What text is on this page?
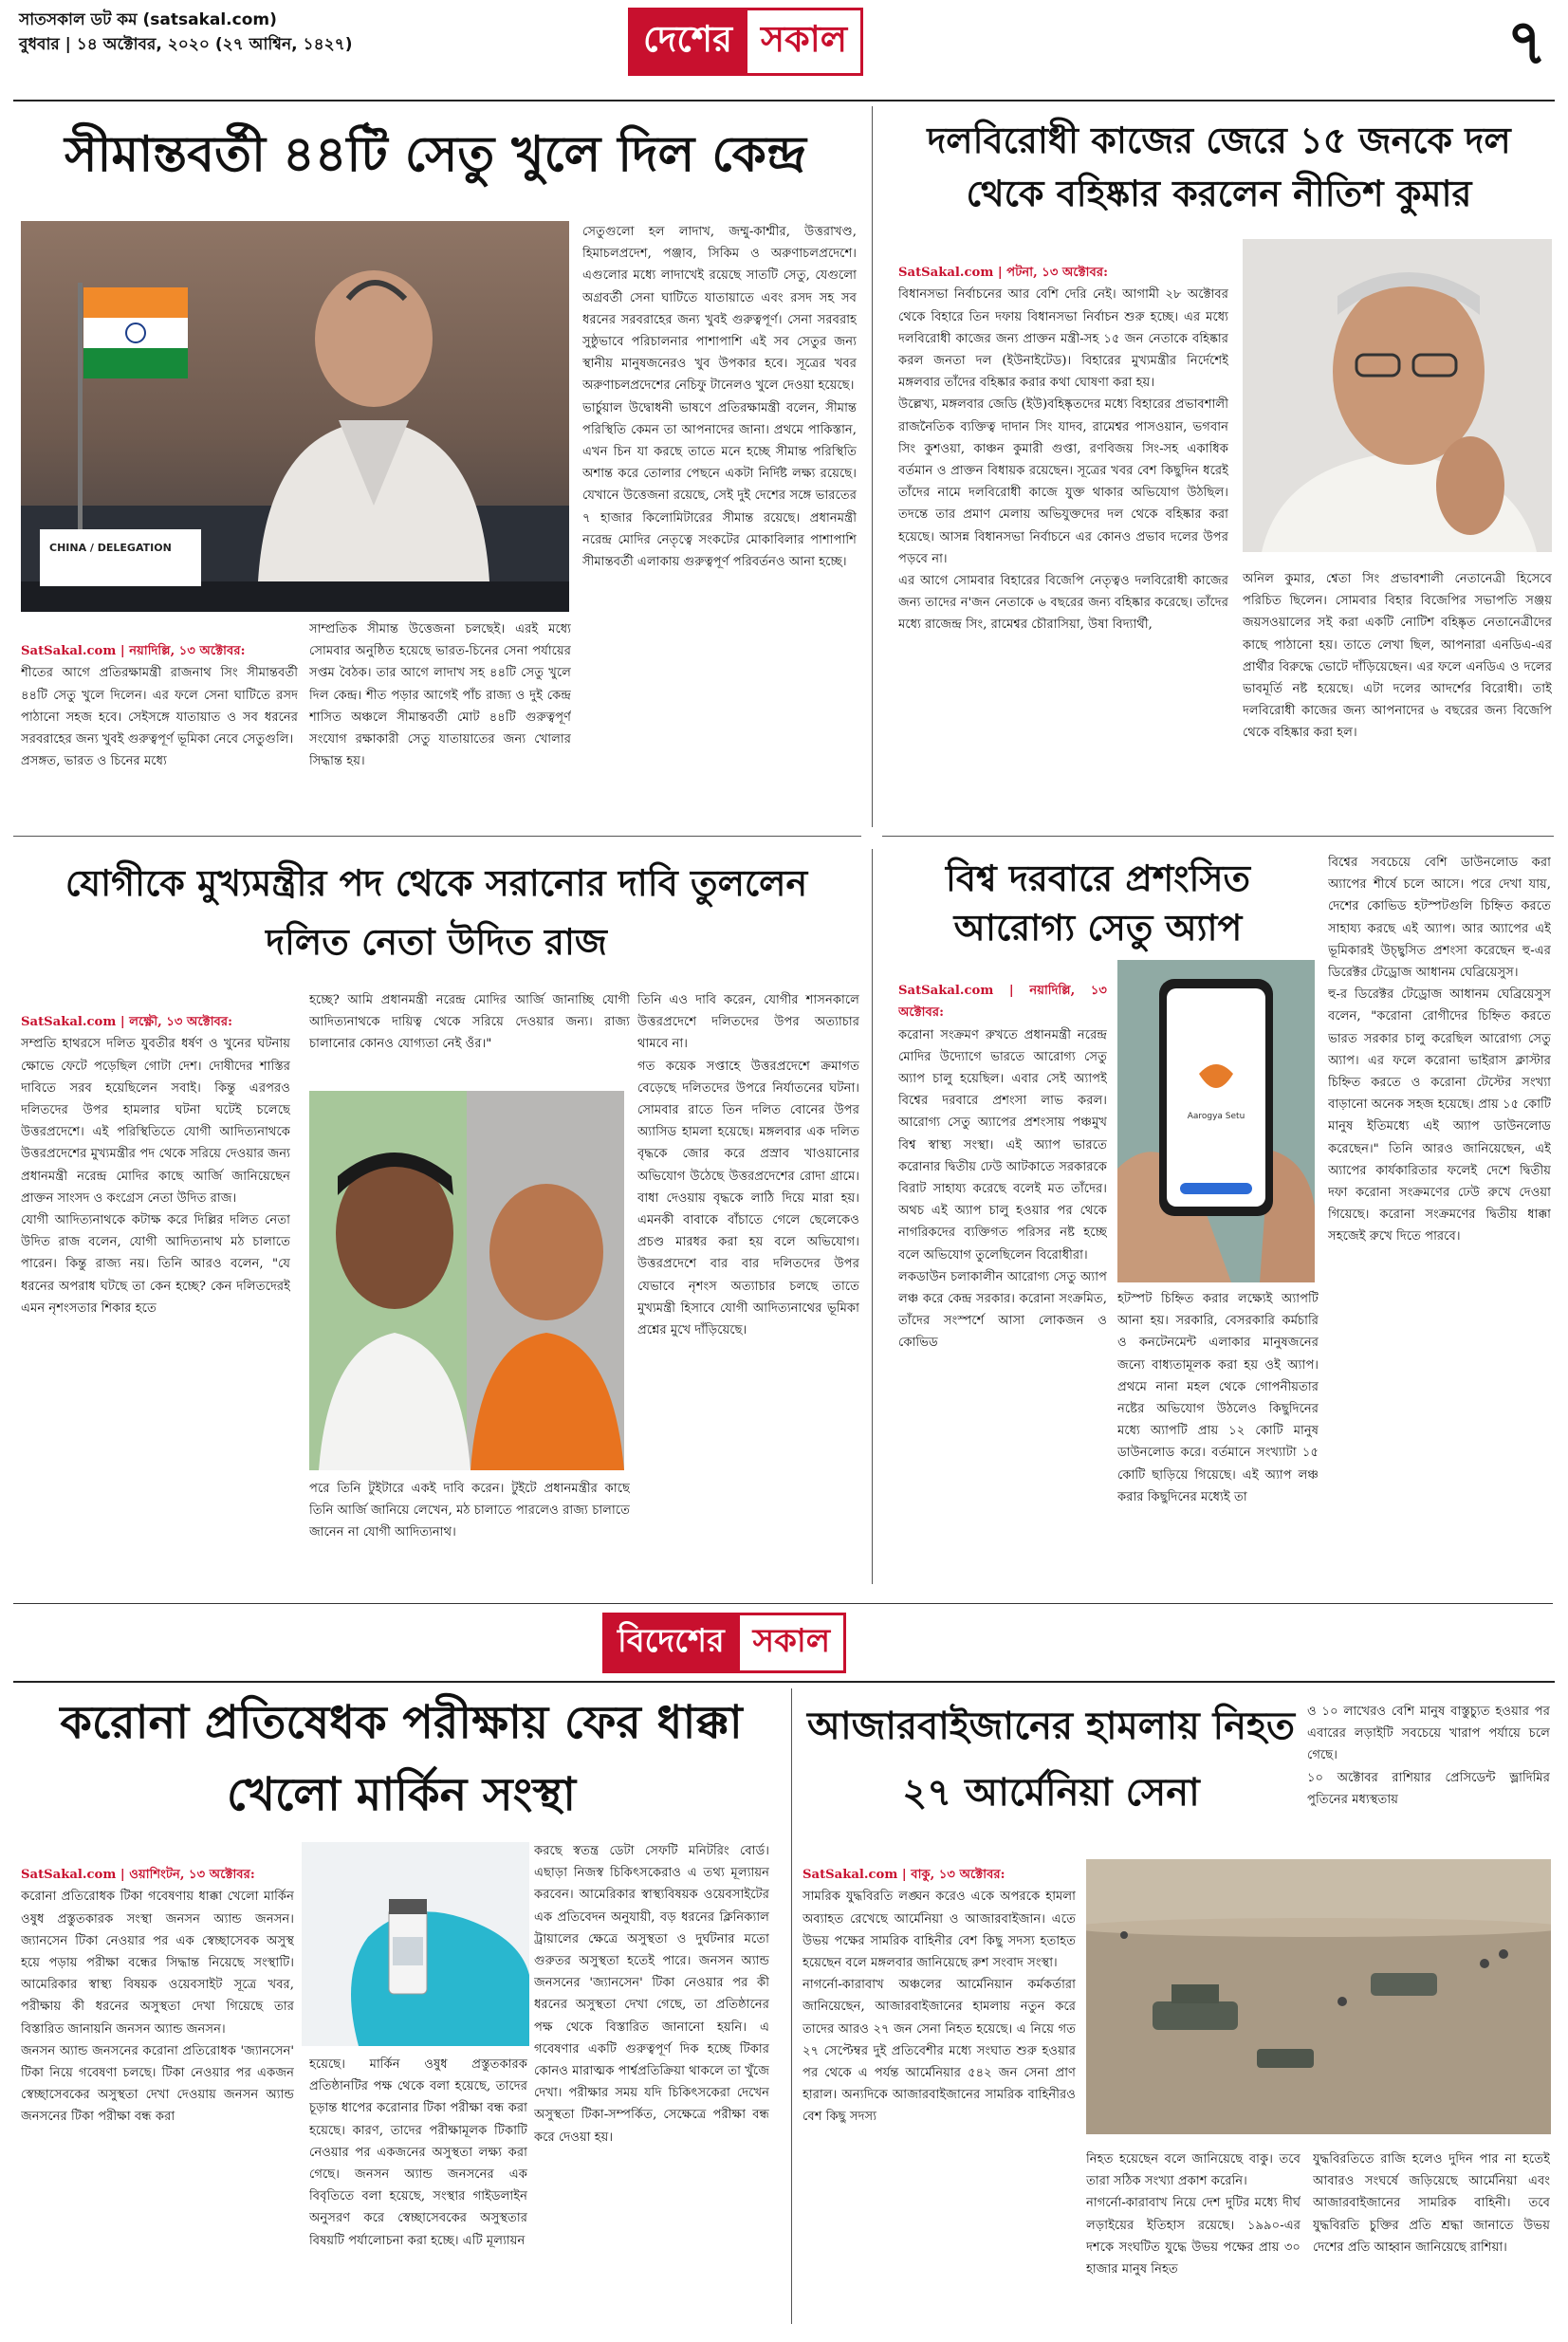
সাতসকাল ডট কম (satsakal.com)
বুধবার | ১৪ অক্টোবর, ২০২০ (২৭ আশ্বিন, ১৪২৭)	দেশের সকাল	৭
সীমান্তবর্তী ৪৪টি সেতু খুলে দিল কেন্দ্র
CHINA / DELEGATION
সেতুগুলো হল লাদাখ, জম্মু-কাশ্মীর, উত্তরাখণ্ড, হিমাচলপ্রদেশ, পঞ্জাব, সিকিম ও অরুণাচলপ্রদেশে। এগুলোর মধ্যে লাদাখেই রয়েছে সাতটি সেতু, যেগুলো অগ্রবর্তী সেনা ঘাটিতে যাতায়াতে এবং রসদ সহ সব ধরনের সরবরাহের জন্য খুবই গুরুত্বপূর্ণ। সেনা সরবরাহ সুষ্ঠুভাবে পরিচালনার পাশাপাশি এই সব সেতুর জন্য স্থানীয় মানুষজনেরও খুব উপকার হবে। সূত্রের খবর অরুণাচলপ্রদেশের নেচিফু টানেলও খুলে দেওয়া হয়েছে।
ভার্চুয়াল উদ্বোধনী ভাষণে প্রতিরক্ষামন্ত্রী বলেন, সীমান্ত পরিস্থিতি কেমন তা আপনাদের জানা। প্রথমে পাকিস্তান, এখন চিন যা করছে তাতে মনে হচ্ছে সীমান্ত পরিস্থিতি অশান্ত করে তোলার পেছনে একটা নির্দিষ্ট লক্ষ্য রয়েছে। যেখানে উত্তেজনা রয়েছে, সেই দুই দেশের সঙ্গে ভারতের ৭ হাজার কিলোমিটারের সীমান্ত রয়েছে। প্রধানমন্ত্রী নরেন্দ্র মোদির নেতৃত্বে সংকটের মোকাবিলার পাশাপাশি সীমান্তবর্তী এলাকায় গুরুত্বপূর্ণ পরিবর্তনও আনা হচ্ছে।

SatSakal.com | নয়াদিল্লি, ১৩ অক্টোবর:
শীতের আগে প্রতিরক্ষামন্ত্রী রাজনাথ সিং সীমান্তবর্তী ৪৪টি সেতু খুলে দিলেন। এর ফলে সেনা ঘাটিতে রসদ পাঠানো সহজ হবে। সেইসঙ্গে যাতায়াত ও সব ধরনের সরবরাহের জন্য খুবই গুরুত্বপূর্ণ ভূমিকা নেবে সেতুগুলি।
প্রসঙ্গত, ভারত ও চিনের মধ্যে

সাম্প্রতিক সীমান্ত উত্তেজনা চলছেই। এরই মধ্যে সোমবার অনুষ্ঠিত হয়েছে ভারত-চিনের সেনা পর্যায়ের সপ্তম বৈঠক। তার আগে লাদাখ সহ ৪৪টি সেতু খুলে দিল কেন্দ্র। শীত পড়ার আগেই পাঁচ রাজ্য ও দুই কেন্দ্র শাসিত অঞ্চলে সীমান্তবর্তী মোট ৪৪টি গুরুত্বপূর্ণ সংযোগ রক্ষাকারী সেতু যাতায়াতের জন্য খোলার সিদ্ধান্ত হয়।
দলবিরোধী কাজের জেরে ১৫ জনকে দল থেকে বহিষ্কার করলেন নীতিশ কুমার

SatSakal.com | পটনা, ১৩ অক্টোবর:
বিধানসভা নির্বাচনের আর বেশি দেরি নেই। আগামী ২৮ অক্টোবর থেকে বিহারে তিন দফায় বিধানসভা নির্বাচন শুরু হচ্ছে। এর মধ্যে দলবিরোধী কাজের জন্য প্রাক্তন মন্ত্রী-সহ ১৫ জন নেতাকে বহিষ্কার করল জনতা দল (ইউনাইটেড)। বিহারের মুখ্যমন্ত্রীর নির্দেশেই মঙ্গলবার তাঁদের বহিষ্কার করার কথা ঘোষণা করা হয়।
উল্লেখ্য, মঙ্গলবার জেডি (ইউ)বহিষ্কৃতদের মধ্যে বিহারের প্রভাবশালী রাজনৈতিক ব্যক্তিত্ব দাদান সিং যাদব, রামেশ্বর পাসওয়ান, ভগবান সিং কুশওয়া, কাঞ্চন কুমারী গুপ্তা, রণবিজয় সিং-সহ একাধিক বর্তমান ও প্রাক্তন বিধায়ক রয়েছেন। সূত্রের খবর বেশ কিছুদিন ধরেই তাঁদের নামে দলবিরোধী কাজে যুক্ত থাকার অভিযোগ উঠছিল। তদন্তে তার প্রমাণ মেলায় অভিযুক্তদের দল থেকে বহিষ্কার করা হয়েছে। আসন্ন বিধানসভা নির্বাচনে এর কোনও প্রভাব দলের উপর পড়বে না।
এর আগে সোমবার বিহারের বিজেপি নেতৃত্বও দলবিরোধী কাজের জন্য তাদের ন'জন নেতাকে ৬ বছরের জন্য বহিষ্কার করেছে। তাঁদের মধ্যে রাজেন্দ্র সিং, রামেশ্বর চৌরাসিয়া, উষা বিদ্যার্থী,

অনিল কুমার, শ্বেতা সিং প্রভাবশালী নেতানেত্রী হিসেবে পরিচিত ছিলেন। সোমবার বিহার বিজেপির সভাপতি সঞ্জয় জয়সওয়ালের সই করা একটি নোটিশ বহিষ্কৃত নেতানেত্রীদের কাছে পাঠানো হয়। তাতে লেখা ছিল, আপনারা এনডিএ-এর প্রার্থীর বিরুদ্ধে ভোটে দাঁড়িয়েছেন। এর ফলে এনডিএ ও দলের ভাবমূর্তি নষ্ট হয়েছে। এটা দলের আদর্শের বিরোধী। তাই দলবিরোধী কাজের জন্য আপনাদের ৬ বছরের জন্য বিজেপি থেকে বহিষ্কার করা হল।
যোগীকে মুখ্যমন্ত্রীর পদ থেকে সরানোর দাবি তুললেন দলিত নেতা উদিত রাজ

SatSakal.com | লক্ষ্ণৌ, ১৩ অক্টোবর:
সম্প্রতি হাথরসে দলিত যুবতীর ধর্ষণ ও খুনের ঘটনায় ক্ষোভে ফেটে পড়েছিল গোটা দেশ। দোষীদের শাস্তির দাবিতে সরব হয়েছিলেন সবাই। কিন্তু এরপরও দলিতদের উপর হামলার ঘটনা ঘটেই চলেছে উত্তরপ্রদেশে। এই পরিস্থিতিতে যোগী আদিত্যনাথকে উত্তরপ্রদেশের মুখ্যমন্ত্রীর পদ থেকে সরিয়ে দেওয়ার জন্য প্রধানমন্ত্রী নরেন্দ্র মোদির কাছে আর্জি জানিয়েছেন প্রাক্তন সাংসদ ও কংগ্রেস নেতা উদিত রাজ।
যোগী আদিত্যনাথকে কটাক্ষ করে দিল্লির দলিত নেতা উদিত রাজ বলেন, যোগী আদিত্যনাথ মঠ চালাতে পারেন। কিন্তু রাজ্য নয়। তিনি আরও বলেন, "যে ধরনের অপরাধ ঘটছে তা কেন হচ্ছে? কেন দলিতদেরই এমন নৃশংসতার শিকার হতে

হচ্ছে? আমি প্রধানমন্ত্রী নরেন্দ্র মোদির আর্জি জানাচ্ছি যোগী আদিত্যনাথকে দায়িত্ব থেকে সরিয়ে দেওয়ার জন্য। রাজ্য চালানোর কোনও যোগ্যতা নেই ওঁর।"
পরে তিনি টুইটারে একই দাবি করেন। টুইটে প্রধানমন্ত্রীর কাছে তিনি আর্জি জানিয়ে লেখেন, মঠ চালাতে পারলেও রাজ্য চালাতে জানেন না যোগী আদিত্যনাথ।
তিনি এও দাবি করেন, যোগীর শাসনকালে উত্তরপ্রদেশে দলিতদের উপর অত্যাচার থামবে না।
গত কয়েক সপ্তাহে উত্তরপ্রদেশে ক্রমাগত বেড়েছে দলিতদের উপরে নির্যাতনের ঘটনা। সোমবার রাতে তিন দলিত বোনের উপর অ্যাসিড হামলা হয়েছে। মঙ্গলবার এক দলিত বৃদ্ধকে জোর করে প্রস্রাব খাওয়ানোর অভিযোগ উঠেছে উত্তরপ্রদেশের রোদা গ্রামে। বাধা দেওয়ায় বৃদ্ধকে লাঠি দিয়ে মারা হয়। এমনকী বাবাকে বাঁচাতে গেলে ছেলেকেও প্রচণ্ড মারধর করা হয় বলে অভিযোগ। উত্তরপ্রদেশে বার বার দলিতদের উপর যেভাবে নৃশংস অত্যাচার চলছে তাতে মুখ্যমন্ত্রী হিসাবে যোগী আদিত্যনাথের ভূমিকা প্রশ্নের মুখে দাঁড়িয়েছে।
বিশ্ব দরবারে প্রশংসিত আরোগ্য সেতু অ্যাপ

SatSakal.com | নয়াদিল্লি, ১৩ অক্টোবর:
করোনা সংক্রমণ রুখতে প্রধানমন্ত্রী নরেন্দ্র মোদির উদ্যোগে ভারতে আরোগ্য সেতু অ্যাপ চালু হয়েছিল। এবার সেই অ্যাপই বিশ্বের দরবারে প্রশংসা লাভ করল। আরোগ্য সেতু অ্যাপের প্রশংসায় পঞ্চমুখ বিশ্ব স্বাস্থ্য সংস্থা। এই অ্যাপ ভারতে করোনার দ্বিতীয় ঢেউ আটকাতে সরকারকে বিরাট সাহায্য করেছে বলেই মত তাঁদের। অথচ এই অ্যাপ চালু হওয়ার পর থেকে নাগরিকদের ব্যক্তিগত পরিসর নষ্ট হচ্ছে বলে অভিযোগ তুলেছিলেন বিরোধীরা।
লকডাউন চলাকালীন আরোগ্য সেতু অ্যাপ লঞ্চ করে কেন্দ্র সরকার। করোনা সংক্রমিত, তাঁদের সংস্পর্শে আসা লোকজন ও কোভিড

Aarogya Setu
হটস্পট চিহ্নিত করার লক্ষ্যেই অ্যাপটি আনা হয়। সরকারি, বেসরকারি কর্মচারি ও কনটেনমেন্ট এলাকার মানুষজনের জন্যে বাধ্যতামূলক করা হয় ওই অ্যাপ। প্রথমে নানা মহল থেকে গোপনীয়তার নষ্টের অভিযোগ উঠলেও কিছুদিনের মধ্যে অ্যাপটি প্রায় ১২ কোটি মানুষ ডাউনলোড করে। বর্তমানে সংখ্যাটা ১৫ কোটি ছাড়িয়ে গিয়েছে। এই অ্যাপ লঞ্চ করার কিছুদিনের মধ্যেই তা
বিশ্বের সবচেয়ে বেশি ডাউনলোড করা অ্যাপের শীর্ষে চলে আসে। পরে দেখা যায়, দেশের কোভিড হটস্পটগুলি চিহ্নিত করতে সাহায্য করছে এই অ্যাপ। আর অ্যাপের এই ভূমিকারই উচ্ছ্বসিত প্রশংসা করেছেন হু-এর ডিরেক্টর টেড্রোজ আধানম ঘেব্রিয়েসুস।
হু-র ডিরেক্টর টেড্রোজ আধানম ঘেব্রিয়েসুস বলেন, "করোনা রোগীদের চিহ্নিত করতে ভারত সরকার চালু করেছিল আরোগ্য সেতু অ্যাপ। এর ফলে করোনা ভাইরাস ক্লাস্টার চিহ্নিত করতে ও করোনা টেস্টের সংখ্যা বাড়ানো অনেক সহজ হয়েছে। প্রায় ১৫ কোটি মানুষ ইতিমধ্যে এই অ্যাপ ডাউনলোড করেছেন।" তিনি আরও জানিয়েছেন, এই অ্যাপের কার্যকারিতার ফলেই দেশে দ্বিতীয় দফা করোনা সংক্রমণের ঢেউ রুখে দেওয়া গিয়েছে। করোনা সংক্রমণের দ্বিতীয় ধাক্কা সহজেই রুখে দিতে পারবে।
বিদেশের সকাল
করোনা প্রতিষেধক পরীক্ষায় ফের ধাক্কা খেলো মার্কিন সংস্থা

SatSakal.com | ওয়াশিংটন, ১৩ অক্টোবর:
করোনা প্রতিরোধক টিকা গবেষণায় ধাক্কা খেলো মার্কিন ওষুধ প্রস্তুতকারক সংস্থা জনসন অ্যান্ড জনসন। জ্যানসেন টিকা নেওয়ার পর এক স্বেচ্ছাসেবক অসুস্থ হয়ে পড়ায় পরীক্ষা বন্ধের সিদ্ধান্ত নিয়েছে সংস্থাটি। আমেরিকার স্বাস্থ্য বিষয়ক ওয়েবসাইট সূত্রে খবর, পরীক্ষায় কী ধরনের অসুস্থতা দেখা গিয়েছে তার বিস্তারিত জানায়নি জনসন অ্যান্ড জনসন।
জনসন অ্যান্ড জনসনের করোনা প্রতিরোধক 'জ্যানসেন' টিকা নিয়ে গবেষণা চলছে। টিকা নেওয়ার পর একজন স্বেচ্ছাসেবকের অসুস্থতা দেখা দেওয়ায় জনসন অ্যান্ড জনসনের টিকা পরীক্ষা বন্ধ করা

হয়েছে। মার্কিন ওষুধ প্রস্তুতকারক প্রতিষ্ঠানটির পক্ষ থেকে বলা হয়েছে, তাদের চূড়ান্ত ধাপের করোনার টিকা পরীক্ষা বন্ধ করা হয়েছে। কারণ, তাদের পরীক্ষামূলক টিকাটি নেওয়ার পর একজনের অসুস্থতা লক্ষ্য করা গেছে। জনসন অ্যান্ড জনসনের এক বিবৃতিতে বলা হয়েছে, সংস্থার গাইডলাইন অনুসরণ করে স্বেচ্ছাসেবকের অসুস্থতার বিষয়টি পর্যালোচনা করা হচ্ছে। এটি মূল্যায়ন
করছে স্বতন্ত্র ডেটা সেফটি মনিটরিং বোর্ড। এছাড়া নিজস্ব চিকিৎসকেরাও এ তথ্য মূল্যায়ন করবেন। আমেরিকার স্বাস্থ্যবিষয়ক ওয়েবসাইটের এক প্রতিবেদন অনুযায়ী, বড় ধরনের ক্লিনিক্যাল ট্রায়ালের ক্ষেত্রে অসুস্থতা ও দুর্ঘটনার মতো গুরুতর অসুস্থতা হতেই পারে। জনসন অ্যান্ড জনসনের 'জ্যানসেন' টিকা নেওয়ার পর কী ধরনের অসুস্থতা দেখা গেছে, তা প্রতিষ্ঠানের পক্ষ থেকে বিস্তারিত জানানো হয়নি। এ গবেষণার একটি গুরুত্বপূর্ণ দিক হচ্ছে টিকার কোনও মারাত্মক পার্শ্বপ্রতিক্রিয়া থাকলে তা খুঁজে দেখা। পরীক্ষার সময় যদি চিকিৎসকেরা দেখেন অসুস্থতা টিকা-সম্পর্কিত, সেক্ষেত্রে পরীক্ষা বন্ধ করে দেওয়া হয়।
আজারবাইজানের হামলায় নিহত ২৭ আর্মেনিয়া সেনা
ও ১০ লাখেরও বেশি মানুষ বাস্তুচ্যুত হওয়ার পর এবারের লড়াইটি সবচেয়ে খারাপ পর্যায়ে চলে গেছে।
১০ অক্টোবর রাশিয়ার প্রেসিডেন্ট ভ্লাদিমির পুতিনের মধ্যস্থতায়

SatSakal.com | বাকু, ১৩ অক্টোবর:
সামরিক যুদ্ধবিরতি লঙ্ঘন করেও একে অপরকে হামলা অব্যাহত রেখেছে আর্মেনিয়া ও আজারবাইজান। এতে উভয় পক্ষের সামরিক বাহিনীর বেশ কিছু সদস্য হতাহত হয়েছেন বলে মঙ্গলবার জানিয়েছে রুশ সংবাদ সংস্থা।
নাগর্নো-কারাবাখ অঞ্চলের আর্মেনিয়ান কর্মকর্তারা জানিয়েছেন, আজারবাইজানের হামলায় নতুন করে তাদের আরও ২৭ জন সেনা নিহত হয়েছে। এ নিয়ে গত ২৭ সেপ্টেম্বর দুই প্রতিবেশীর মধ্যে সংঘাত শুরু হওয়ার পর থেকে এ পর্যন্ত আর্মেনিয়ার ৫৪২ জন সেনা প্রাণ হারাল। অন্যদিকে আজারবাইজানের সামরিক বাহিনীরও বেশ কিছু সদস্য

নিহত হয়েছেন বলে জানিয়েছে বাকু। তবে তারা সঠিক সংখ্যা প্রকাশ করেনি।
নাগর্নো-কারাবাখ নিয়ে দেশ দুটির মধ্যে দীর্ঘ লড়াইয়ের ইতিহাস রয়েছে। ১৯৯০-এর দশকে সংঘটিত যুদ্ধে উভয় পক্ষের প্রায় ৩০ হাজার মানুষ নিহত
যুদ্ধবিরতিতে রাজি হলেও দুদিন পার না হতেই আবারও সংঘর্ষে জড়িয়েছে আর্মেনিয়া এবং আজারবাইজানের সামরিক বাহিনী। তবে যুদ্ধবিরতি চুক্তির প্রতি শ্রদ্ধা জানাতে উভয় দেশের প্রতি আহ্বান জানিয়েছে রাশিয়া।
